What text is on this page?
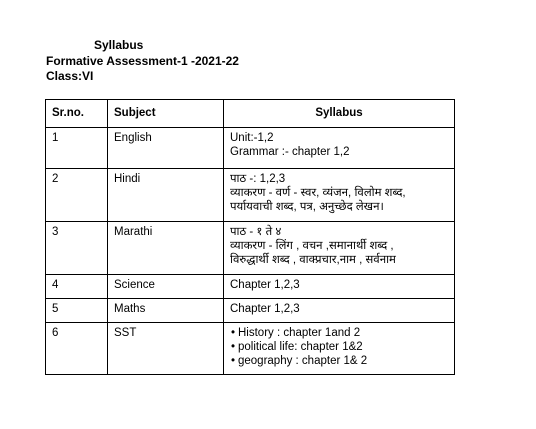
Syllabus
Formative Assessment-1 -2021-22
Class:VI
Sr.no.	Subject	Syllabus
1	English	Unit:-1,2
Grammar :- chapter 1,2

2	Hindi	पाठ -: 1,2,3
व्याकरण - वर्ण - स्वर, व्यंजन, विलोम शब्द,
पर्यायवाची शब्द, पत्र, अनुच्छेद लेखन।

3	Marathi	पाठ - १ ते ४
व्याकरण - लिंग , वचन ,समानार्थी शब्द ,
विरुद्धार्थी शब्द , वाक्प्रचार,नाम , सर्वनाम

4	Science	Chapter 1,2,3

5	Maths	Chapter 1,2,3

6	SST	• History : chapter 1and 2
• political life: chapter 1&2
• geography : chapter 1& 2
